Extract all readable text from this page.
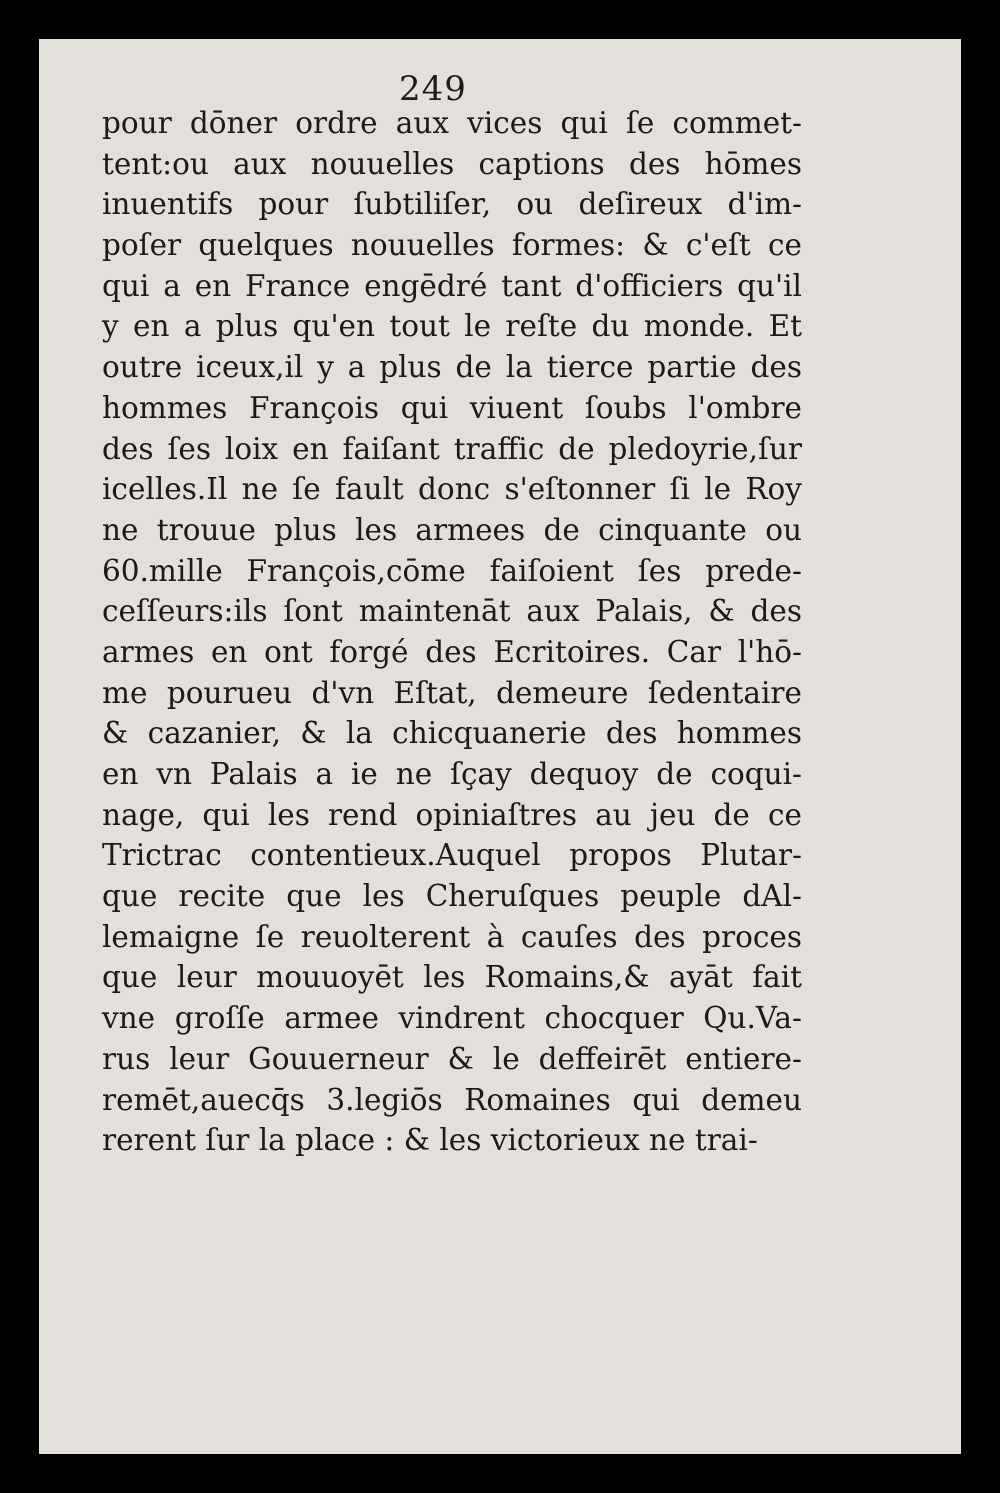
249
pour dōner ordre aux vices qui ſe commet-
tent:ou aux nouuelles captions des hōmes
inuentifs pour ſubtiliſer, ou deſireux d'im-
poſer quelques nouuelles formes: & c'eſt ce
qui a en France engēdré tant d'officiers qu'il
y en a plus qu'en tout le reſte du monde. Et
outre iceux,il y a plus de la tierce partie des
hommes François qui viuent ſoubs l'ombre
des ſes loix en faiſant traffic de pledoyrie,ſur
icelles.Il ne ſe fault donc s'eſtonner ſi le Roy
ne trouue plus les armees de cinquante ou
60.mille François,cōme faiſoient ſes prede-
ceſſeurs:ils ſont maintenāt aux Palais, & des
armes en ont forgé des Ecritoires. Car l'hō-
me pourueu d'vn Eſtat, demeure ſedentaire
& cazanier, & la chicquanerie des hommes
en vn Palais a ie ne ſçay dequoy de coqui-
nage, qui les rend opiniaſtres au jeu de ce
Trictrac contentieux.Auquel propos Plutar-
que recite que les Cheruſques peuple dAl-
lemaigne ſe reuolterent à cauſes des proces
que leur mouuoyēt les Romains,& ayāt fait
vne groſſe armee vindrent chocquer Qu.Va-
rus leur Gouuerneur & le deffeirēt entiere-
remēt,auecq̄s 3.legiōs Romaines qui demeu
rerent ſur la place : & les victorieux ne trai-
